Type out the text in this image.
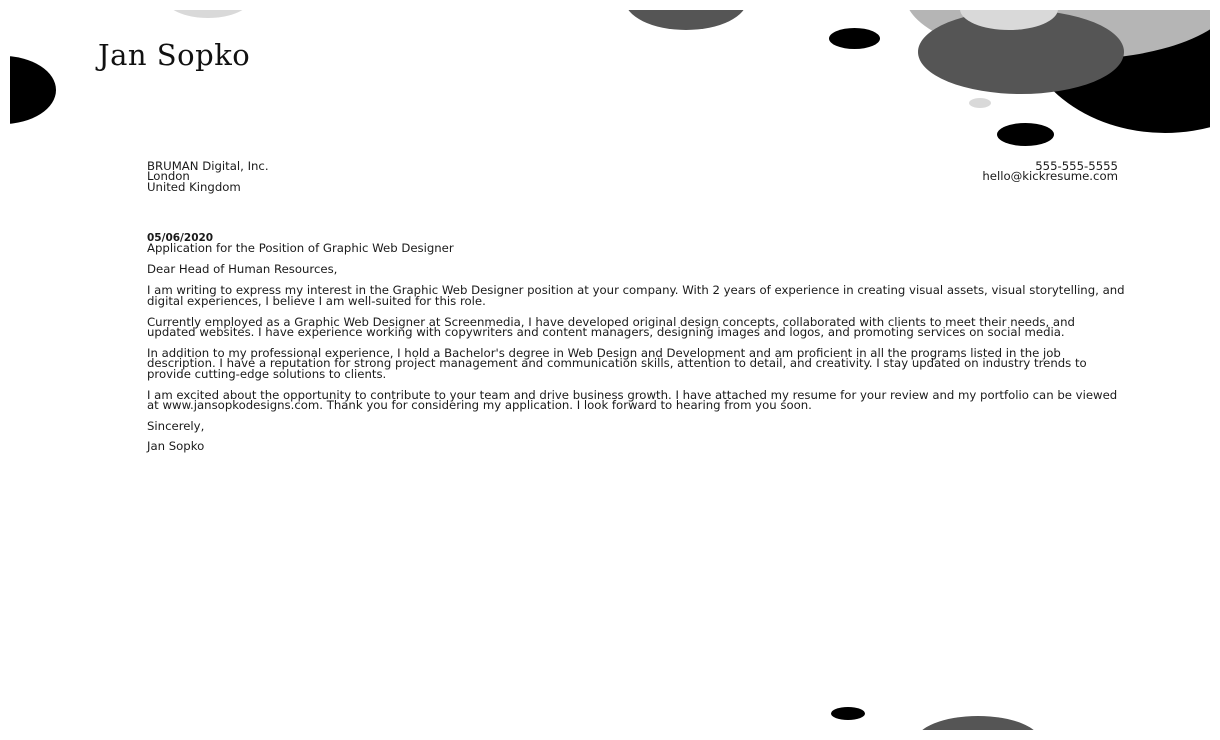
Jan Sopko
BRUMAN Digital, Inc.
London
United Kingdom
555-555-5555
hello@kickresume.com
05/06/2020

Application for the Position of Graphic Web Designer

Dear Head of Human Resources,

I am writing to express my interest in the Graphic Web Designer position at your company. With 2 years of experience in creating visual assets, visual storytelling, and digital experiences, I believe I am well-suited for this role.

Currently employed as a Graphic Web Designer at Screenmedia, I have developed original design concepts, collaborated with clients to meet their needs, and updated websites. I have experience working with copywriters and content managers, designing images and logos, and promoting services on social media.

In addition to my professional experience, I hold a Bachelor's degree in Web Design and Development and am proficient in all the programs listed in the job description. I have a reputation for strong project management and communication skills, attention to detail, and creativity. I stay updated on industry trends to provide cutting-edge solutions to clients.

I am excited about the opportunity to contribute to your team and drive business growth. I have attached my resume for your review and my portfolio can be viewed at www.jansopkodesigns.com. Thank you for considering my application. I look forward to hearing from you soon.

Sincerely,

Jan Sopko
